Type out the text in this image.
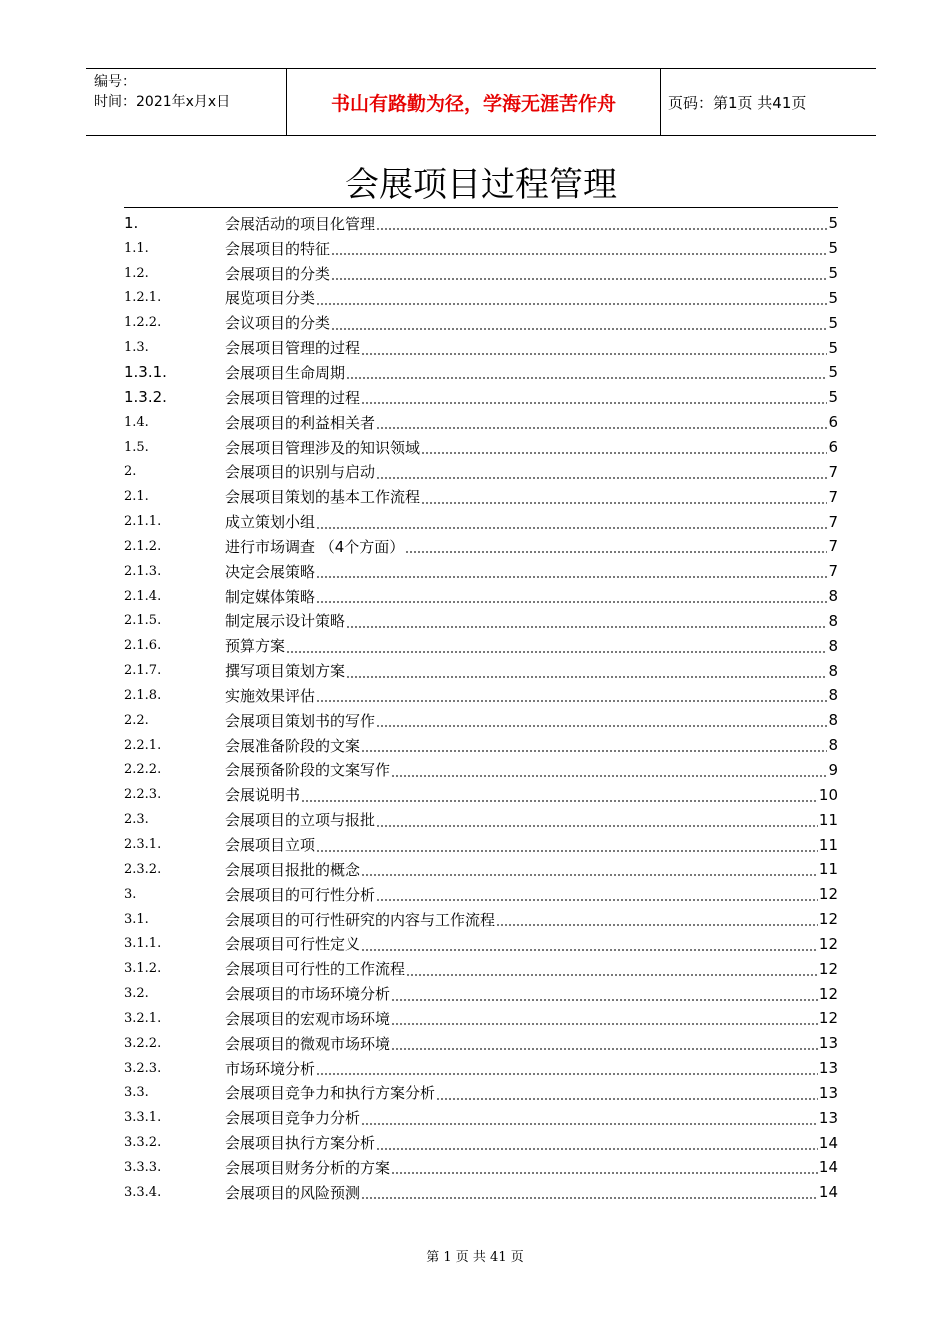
编号：
时间：2021年x月x日	书山有路勤为径，学海无涯苦作舟	页码：第1页 共41页
会展项目过程管理
1.	会展活动的项目化管理	5
1.1.	会展项目的特征	5
1.2.	会展项目的分类	5
1.2.1.	展览项目分类	5
1.2.2.	会议项目的分类	5
1.3.	会展项目管理的过程	5
1.3.1.	会展项目生命周期	5
1.3.2.	会展项目管理的过程	5
1.4.	会展项目的利益相关者	6
1.5.	会展项目管理涉及的知识领域	6
2.	会展项目的识别与启动	7
2.1.	会展项目策划的基本工作流程	7
2.1.1.	成立策划小组	7
2.1.2.	进行市场调查 （4个方面）	7
2.1.3.	决定会展策略	7
2.1.4.	制定媒体策略	8
2.1.5.	制定展示设计策略	8
2.1.6.	预算方案	8
2.1.7.	撰写项目策划方案	8
2.1.8.	实施效果评估	8
2.2.	会展项目策划书的写作	8
2.2.1.	会展准备阶段的文案	8
2.2.2.	会展预备阶段的文案写作	9
2.2.3.	会展说明书	10
2.3.	会展项目的立项与报批	11
2.3.1.	会展项目立项	11
2.3.2.	会展项目报批的概念	11
3.	会展项目的可行性分析	12
3.1.	会展项目的可行性研究的内容与工作流程	12
3.1.1.	会展项目可行性定义	12
3.1.2.	会展项目可行性的工作流程	12
3.2.	会展项目的市场环境分析	12
3.2.1.	会展项目的宏观市场环境	12
3.2.2.	会展项目的微观市场环境	13
3.2.3.	市场环境分析	13
3.3.	会展项目竞争力和执行方案分析	13
3.3.1.	会展项目竞争力分析	13
3.3.2.	会展项目执行方案分析	14
3.3.3.	会展项目财务分析的方案	14
3.3.4.	会展项目的风险预测	14
第 1 页 共 41 页
